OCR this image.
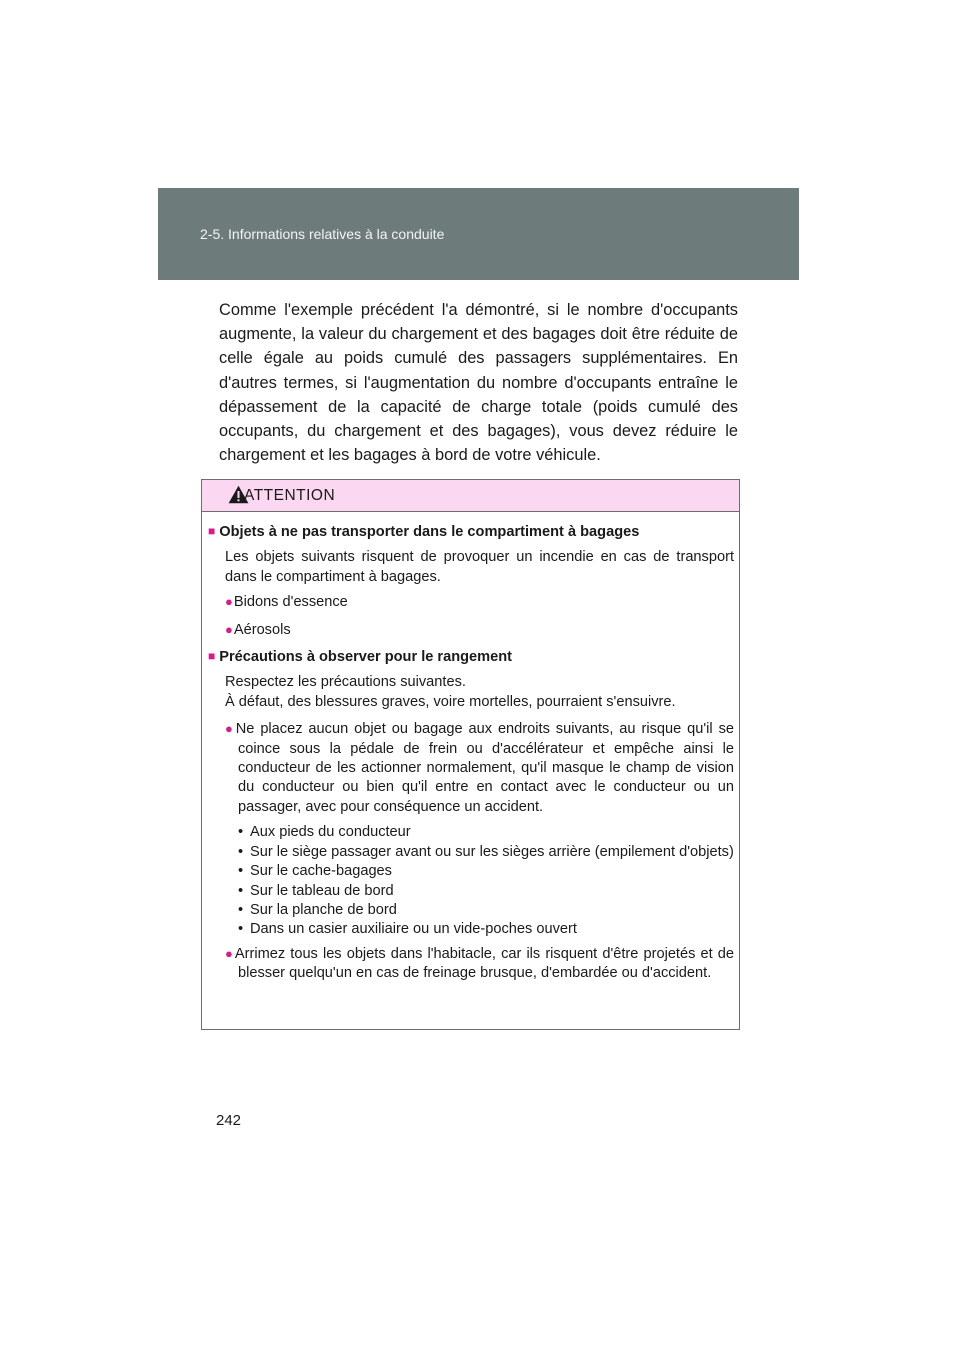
2-5. Informations relatives à la conduite

Comme l'exemple précédent l'a démontré, si le nombre d'occupants augmente, la valeur du chargement et des bagages doit être réduite de celle égale au poids cumulé des passagers supplémentaires. En d'autres termes, si l'augmentation du nombre d'occupants entraîne le dépassement de la capacité de charge totale (poids cumulé des occupants, du chargement et des bagages), vous devez réduire le chargement et les bagages à bord de votre véhicule.

ATTENTION

■ Objets à ne pas transporter dans le compartiment à bagages

Les objets suivants risquent de provoquer un incendie en cas de transport dans le compartiment à bagages.

●Bidons d'essence

●Aérosols

■ Précautions à observer pour le rangement

Respectez les précautions suivantes.
À défaut, des blessures graves, voire mortelles, pourraient s'ensuivre.

●Ne placez aucun objet ou bagage aux endroits suivants, au risque qu'il se coince sous la pédale de frein ou d'accélérateur et empêche ainsi le conducteur de les actionner normalement, qu'il masque le champ de vision du conducteur ou bien qu'il entre en contact avec le conducteur ou un passager, avec pour conséquence un accident.

• Aux pieds du conducteur
• Sur le siège passager avant ou sur les sièges arrière (empilement d'objets)
• Sur le cache-bagages
• Sur le tableau de bord
• Sur la planche de bord
• Dans un casier auxiliaire ou un vide-poches ouvert

●Arrimez tous les objets dans l'habitacle, car ils risquent d'être projetés et de blesser quelqu'un en cas de freinage brusque, d'embardée ou d'accident.

242
